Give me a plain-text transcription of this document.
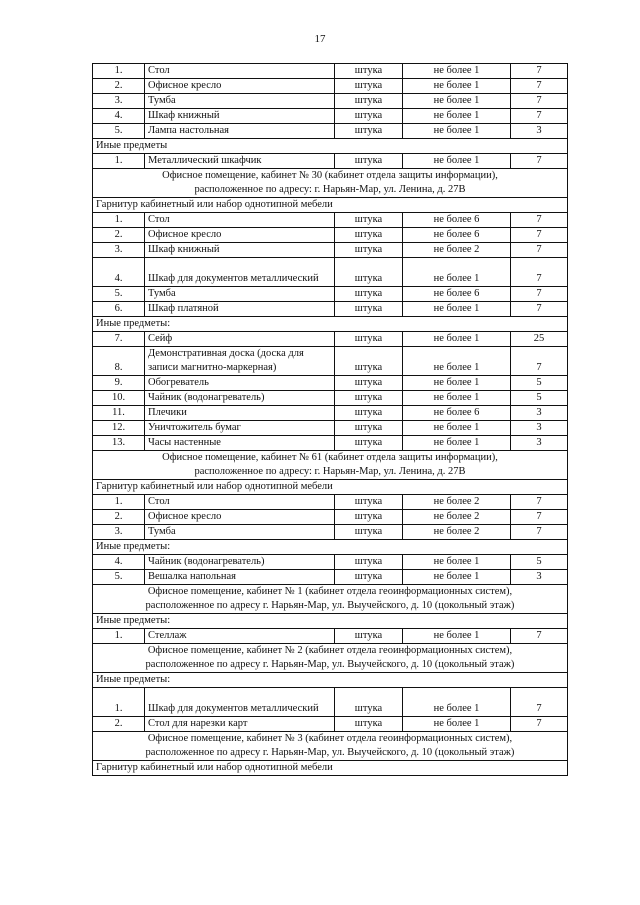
17
1.	Стол	штука	не более 1	7
2.	Офисное кресло	штука	не более 1	7
3.	Тумба	штука	не более 1	7
4.	Шкаф книжный	штука	не более 1	7
5.	Лампа настольная	штука	не более 1	3
Иные предметы				
1.	Металлический шкафчик	штука	не более 1	7

Офисное помещение, кабинет № 30 (кабинет отдела защиты информации),
расположенное по адресу: г. Нарьян-Мар, ул. Ленина, д. 27В				

Гарнитур кабинетный или набор однотипной мебели				
1.	Стол	штука	не более 6	7
2.	Офисное кресло	штука	не более 6	7
3.	Шкаф книжный	штука	не более 2	7
4.	Шкаф для документов металлический	штука	не более 1	7
5.	Тумба	штука	не более 6	7
6.	Шкаф платяной	штука	не более 1	7
Иные предметы:				
7.	Сейф	штука	не более 1	25
8.	Демонстративная доска (доска для записи магнитно-маркерная)	штука	не более 1	7
9.	Обогреватель	штука	не более 1	5
10.	Чайник (водонагреватель)	штука	не более 1	5
11.	Плечики	штука	не более 6	3
12.	Уничтожитель бумаг	штука	не более 1	3
13.	Часы настенные	штука	не более 1	3

Офисное помещение, кабинет № 61 (кабинет отдела защиты информации),
расположенное по адресу: г. Нарьян-Мар, ул. Ленина, д. 27В				

Гарнитур кабинетный или набор однотипной мебели				
1.	Стол	штука	не более 2	7
2.	Офисное кресло	штука	не более 2	7
3.	Тумба	штука	не более 2	7
Иные предметы:				
4.	Чайник (водонагреватель)	штука	не более 1	5
5.	Вешалка напольная	штука	не более 1	3

Офисное помещение, кабинет № 1 (кабинет отдела геоинформационных систем),
расположенное по адресу г. Нарьян-Мар, ул. Выучейского, д. 10 (цокольный этаж)				

Иные предметы:				
1.	Стеллаж	штука	не более 1	7

Офисное помещение, кабинет № 2 (кабинет отдела геоинформационных систем),
расположенное по адресу г. Нарьян-Мар, ул. Выучейского, д. 10 (цокольный этаж)				

Иные предметы:				
1.	Шкаф для документов металлический	штука	не более 1	7
2.	Стол для нарезки карт	штука	не более 1	7

Офисное помещение, кабинет № 3 (кабинет отдела геоинформационных систем),
расположенное по адресу г. Нарьян-Мар, ул. Выучейского, д. 10 (цокольный этаж)				

Гарнитур кабинетный или набор однотипной мебели				
